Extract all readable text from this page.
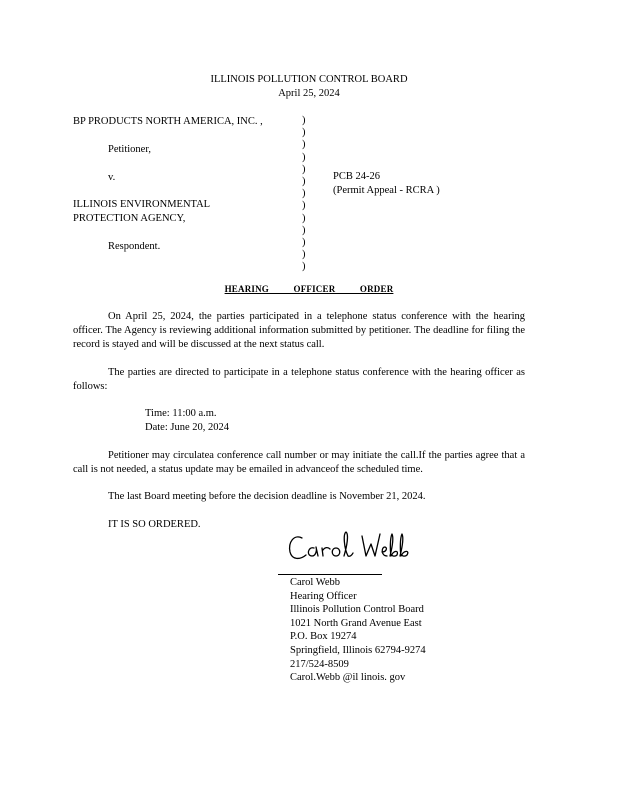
ILLINOIS POLLUTION CONTROL BOARD
April 25, 2024
BP PRODUCTS NORTH AMERICA, INC. ,
Petitioner,
v.
ILLINOIS ENVIRONMENTAL
PROTECTION AGENCY,
Respondent.
)
)
)
)
)
)
)
)
)
)
)
)
)
PCB 24-26
(Permit Appeal - RCRA )
HEARING          OFFICER          ORDER
On April 25, 2024, the parties participated in a telephone status conference with the hearing officer. The Agency is reviewing additional information submitted by petitioner. The deadline for filing the record is stayed and will be discussed at the next status call.
The parties are directed to participate in a telephone status conference with the hearing officer as follows:
Time: 11:00 a.m.
Date: June 20, 2024
Petitioner may circulatea conference call number or may initiate the call.If the parties agree that a call is not needed, a status update may be emailed in advanceof the scheduled time.
The last Board meeting before the decision deadline is November 21, 2024.
IT IS SO ORDERED.
Carol Webb
Hearing Officer
Illinois Pollution Control Board
1021 North Grand Avenue East
P.O. Box 19274
Springfield, Illinois 62794-9274
217/524-8509
Carol.Webb @il linois. gov
